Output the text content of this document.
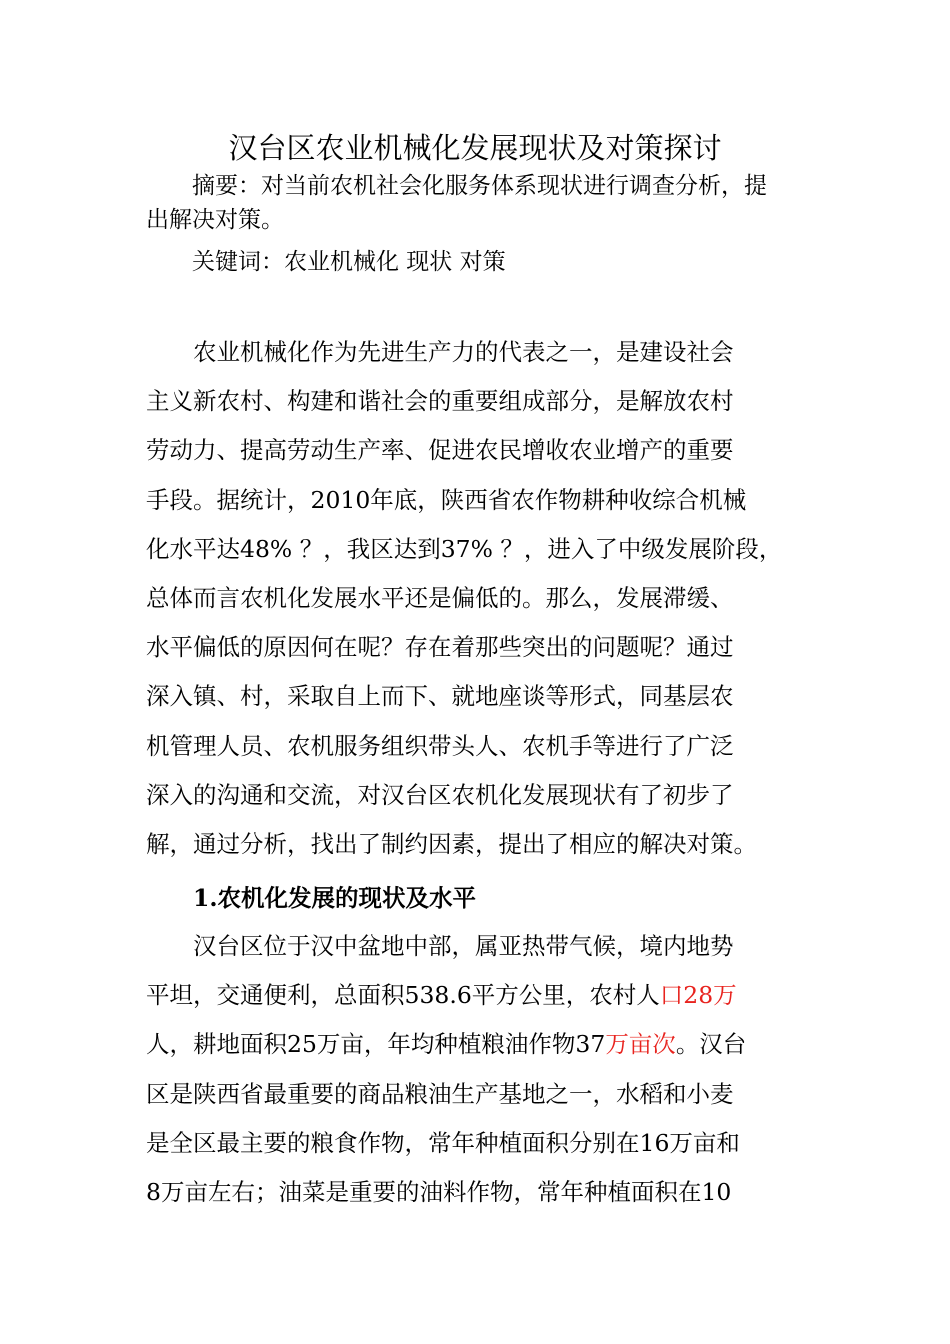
汉台区农业机械化发展现状及对策探讨
摘要：对当前农机社会化服务体系现状进行调查分析，提
出解决对策。
关键词：农业机械化 现状 对策
农业机械化作为先进生产力的代表之一，是建设社会
主义新农村、构建和谐社会的重要组成部分，是解放农村
劳动力、提高劳动生产率、促进农民增收农业增产的重要
手段。据统计，2010年底，陕西省农作物耕种收综合机械
化水平达48% ？，我区达到37% ？，进入了中级发展阶段，
总体而言农机化发展水平还是偏低的。那么，发展滞缓、
水平偏低的原因何在呢？存在着那些突出的问题呢？通过
深入镇、村，采取自上而下、就地座谈等形式，同基层农
机管理人员、农机服务组织带头人、农机手等进行了广泛
深入的沟通和交流，对汉台区农机化发展现状有了初步了
解，通过分析，找出了制约因素，提出了相应的解决对策。
1.农机化发展的现状及水平
汉台区位于汉中盆地中部，属亚热带气候，境内地势
平坦，交通便利，总面积538.6平方公里，农村人口28万
人，耕地面积25万亩，年均种植粮油作物37万亩次。汉台
区是陕西省最重要的商品粮油生产基地之一，水稻和小麦
是全区最主要的粮食作物，常年种植面积分别在16万亩和
8万亩左右；油菜是重要的油料作物，常年种植面积在10
